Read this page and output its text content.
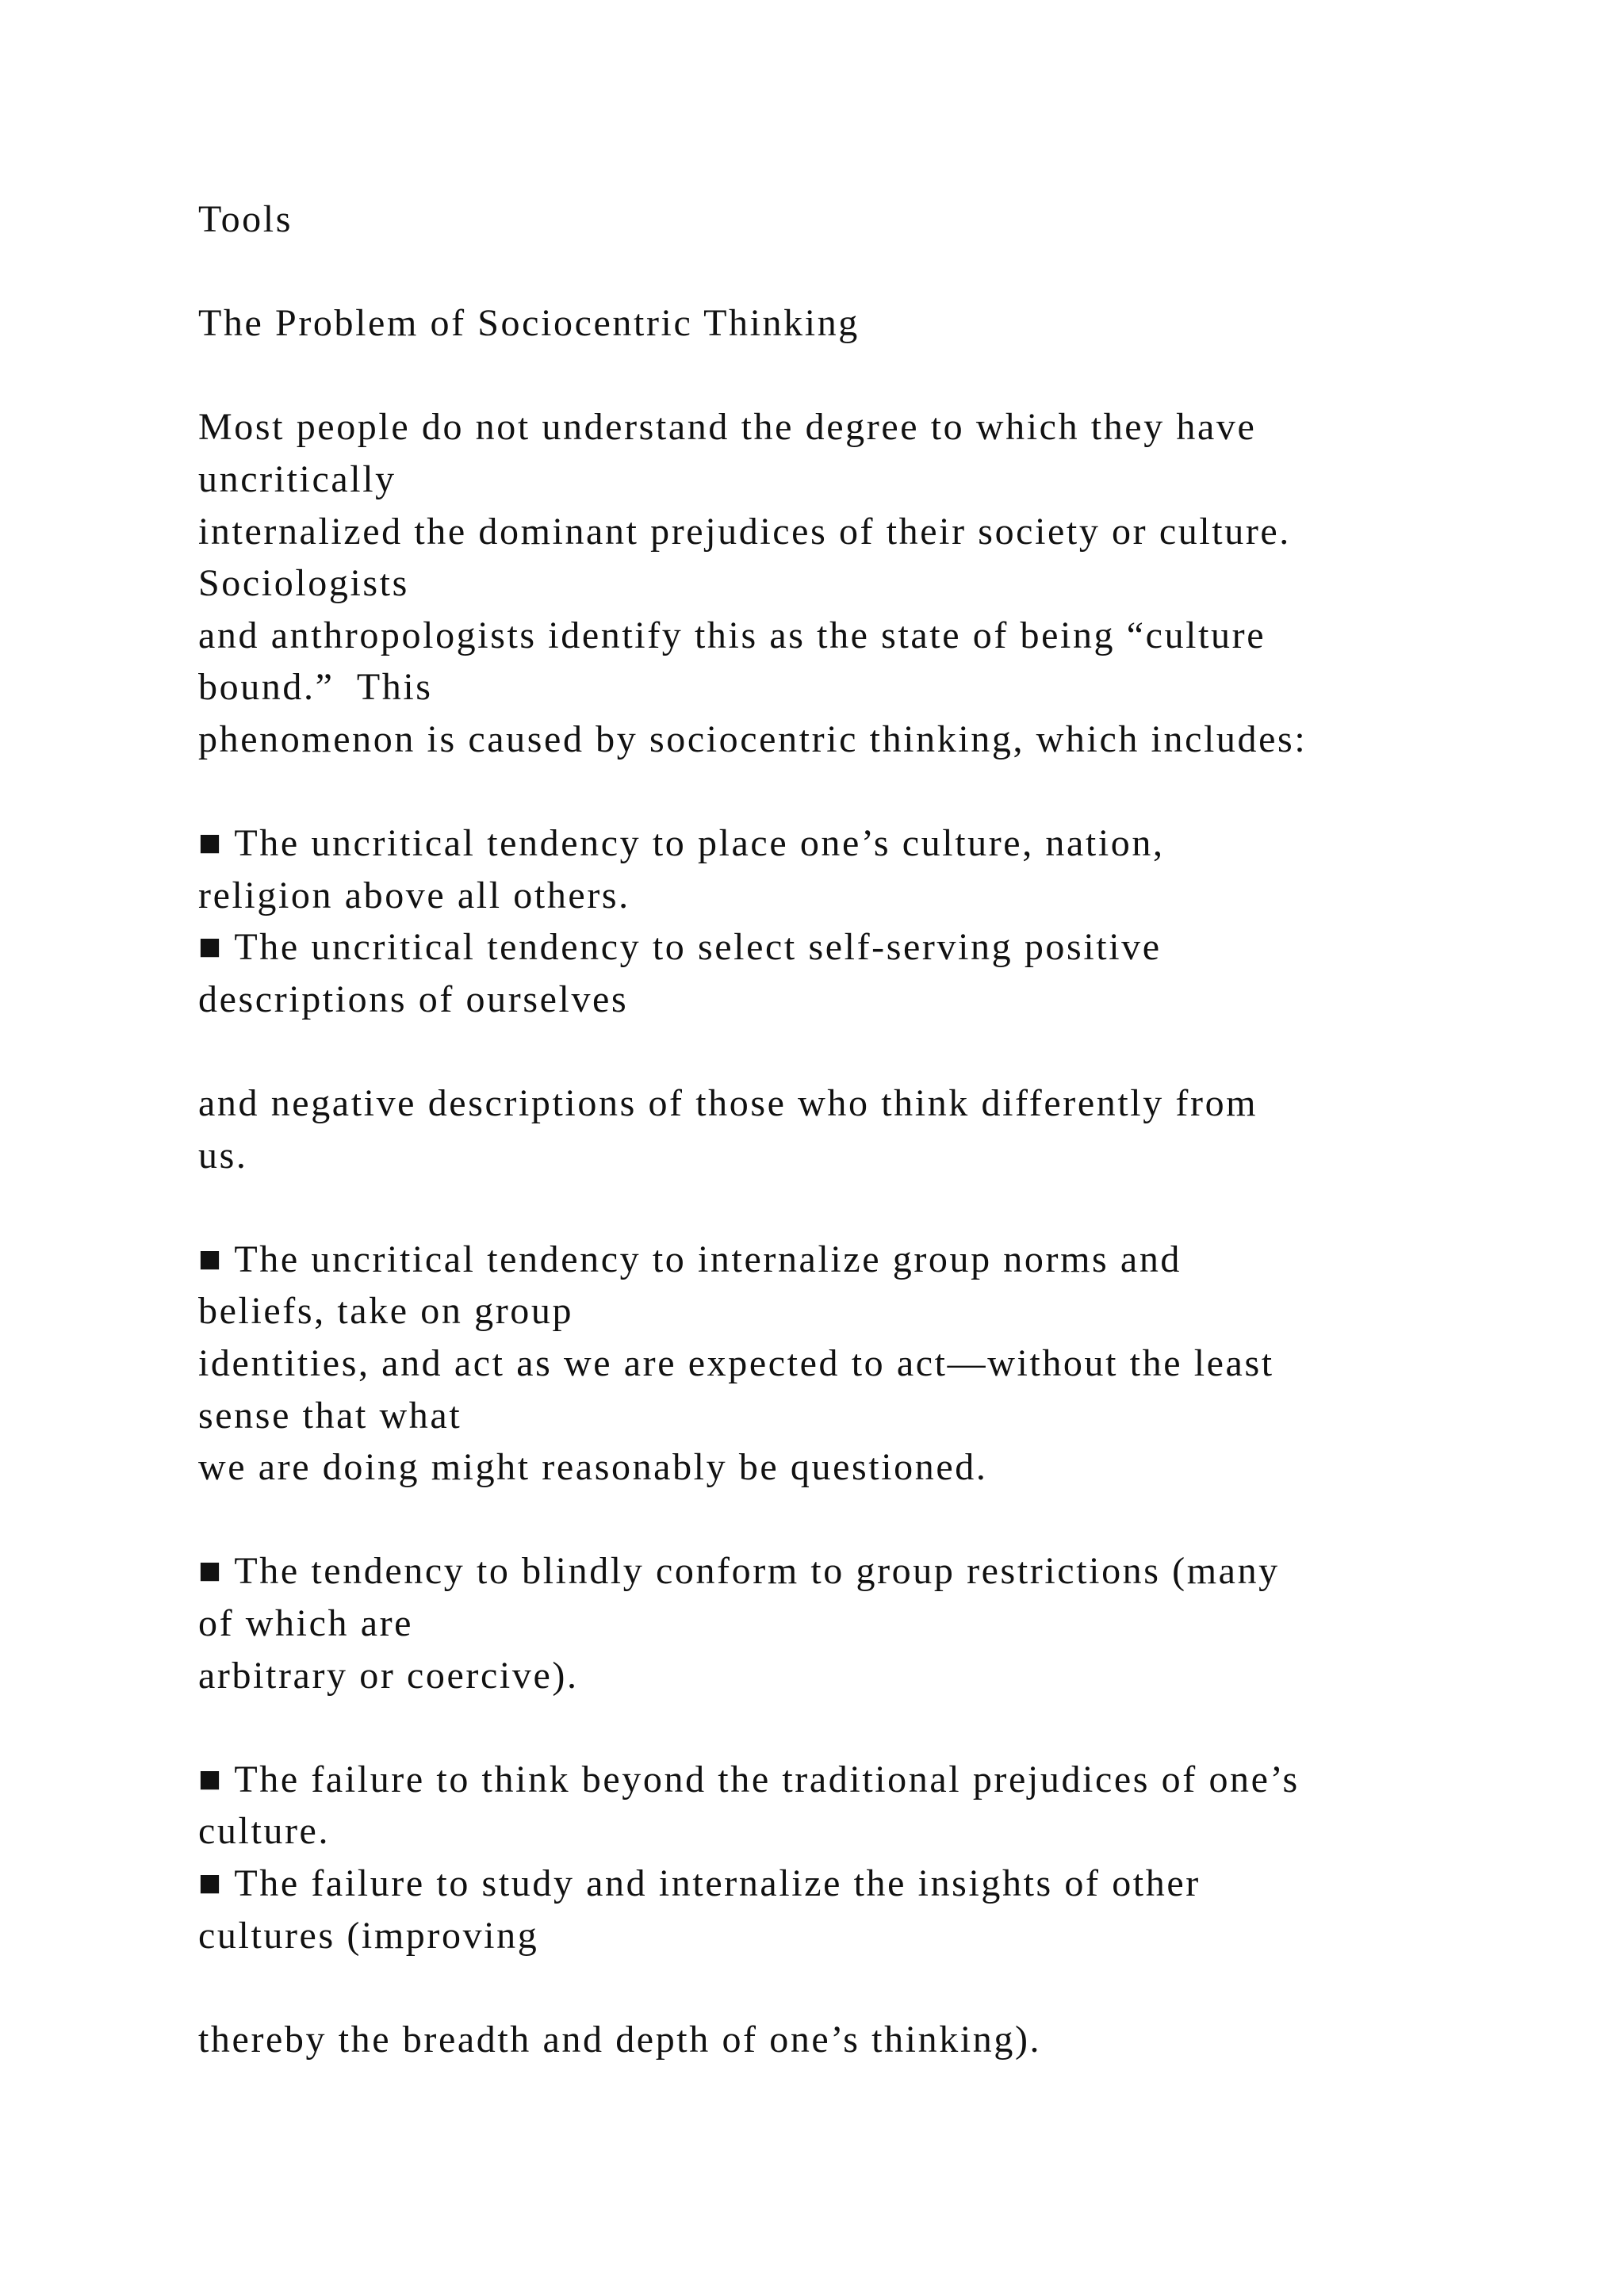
Tools
The Problem of Sociocentric Thinking
Most people do not understand the degree to which they have
uncritically
internalized the dominant prejudices of their society or culture.
Sociologists
and anthropologists identify this as the state of being “culture
bound.”  This
phenomenon is caused by sociocentric thinking, which includes:
■ The uncritical tendency to place one’s culture, nation,
religion above all others.
■ The uncritical tendency to select self-serving positive
descriptions of ourselves
and negative descriptions of those who think differently from
us.
■ The uncritical tendency to internalize group norms and
beliefs, take on group
identities, and act as we are expected to act—without the least
sense that what
we are doing might reasonably be questioned.
■ The tendency to blindly conform to group restrictions (many
of which are
arbitrary or coercive).
■ The failure to think beyond the traditional prejudices of one’s
culture.
■ The failure to study and internalize the insights of other
cultures (improving
thereby the breadth and depth of one’s thinking).
